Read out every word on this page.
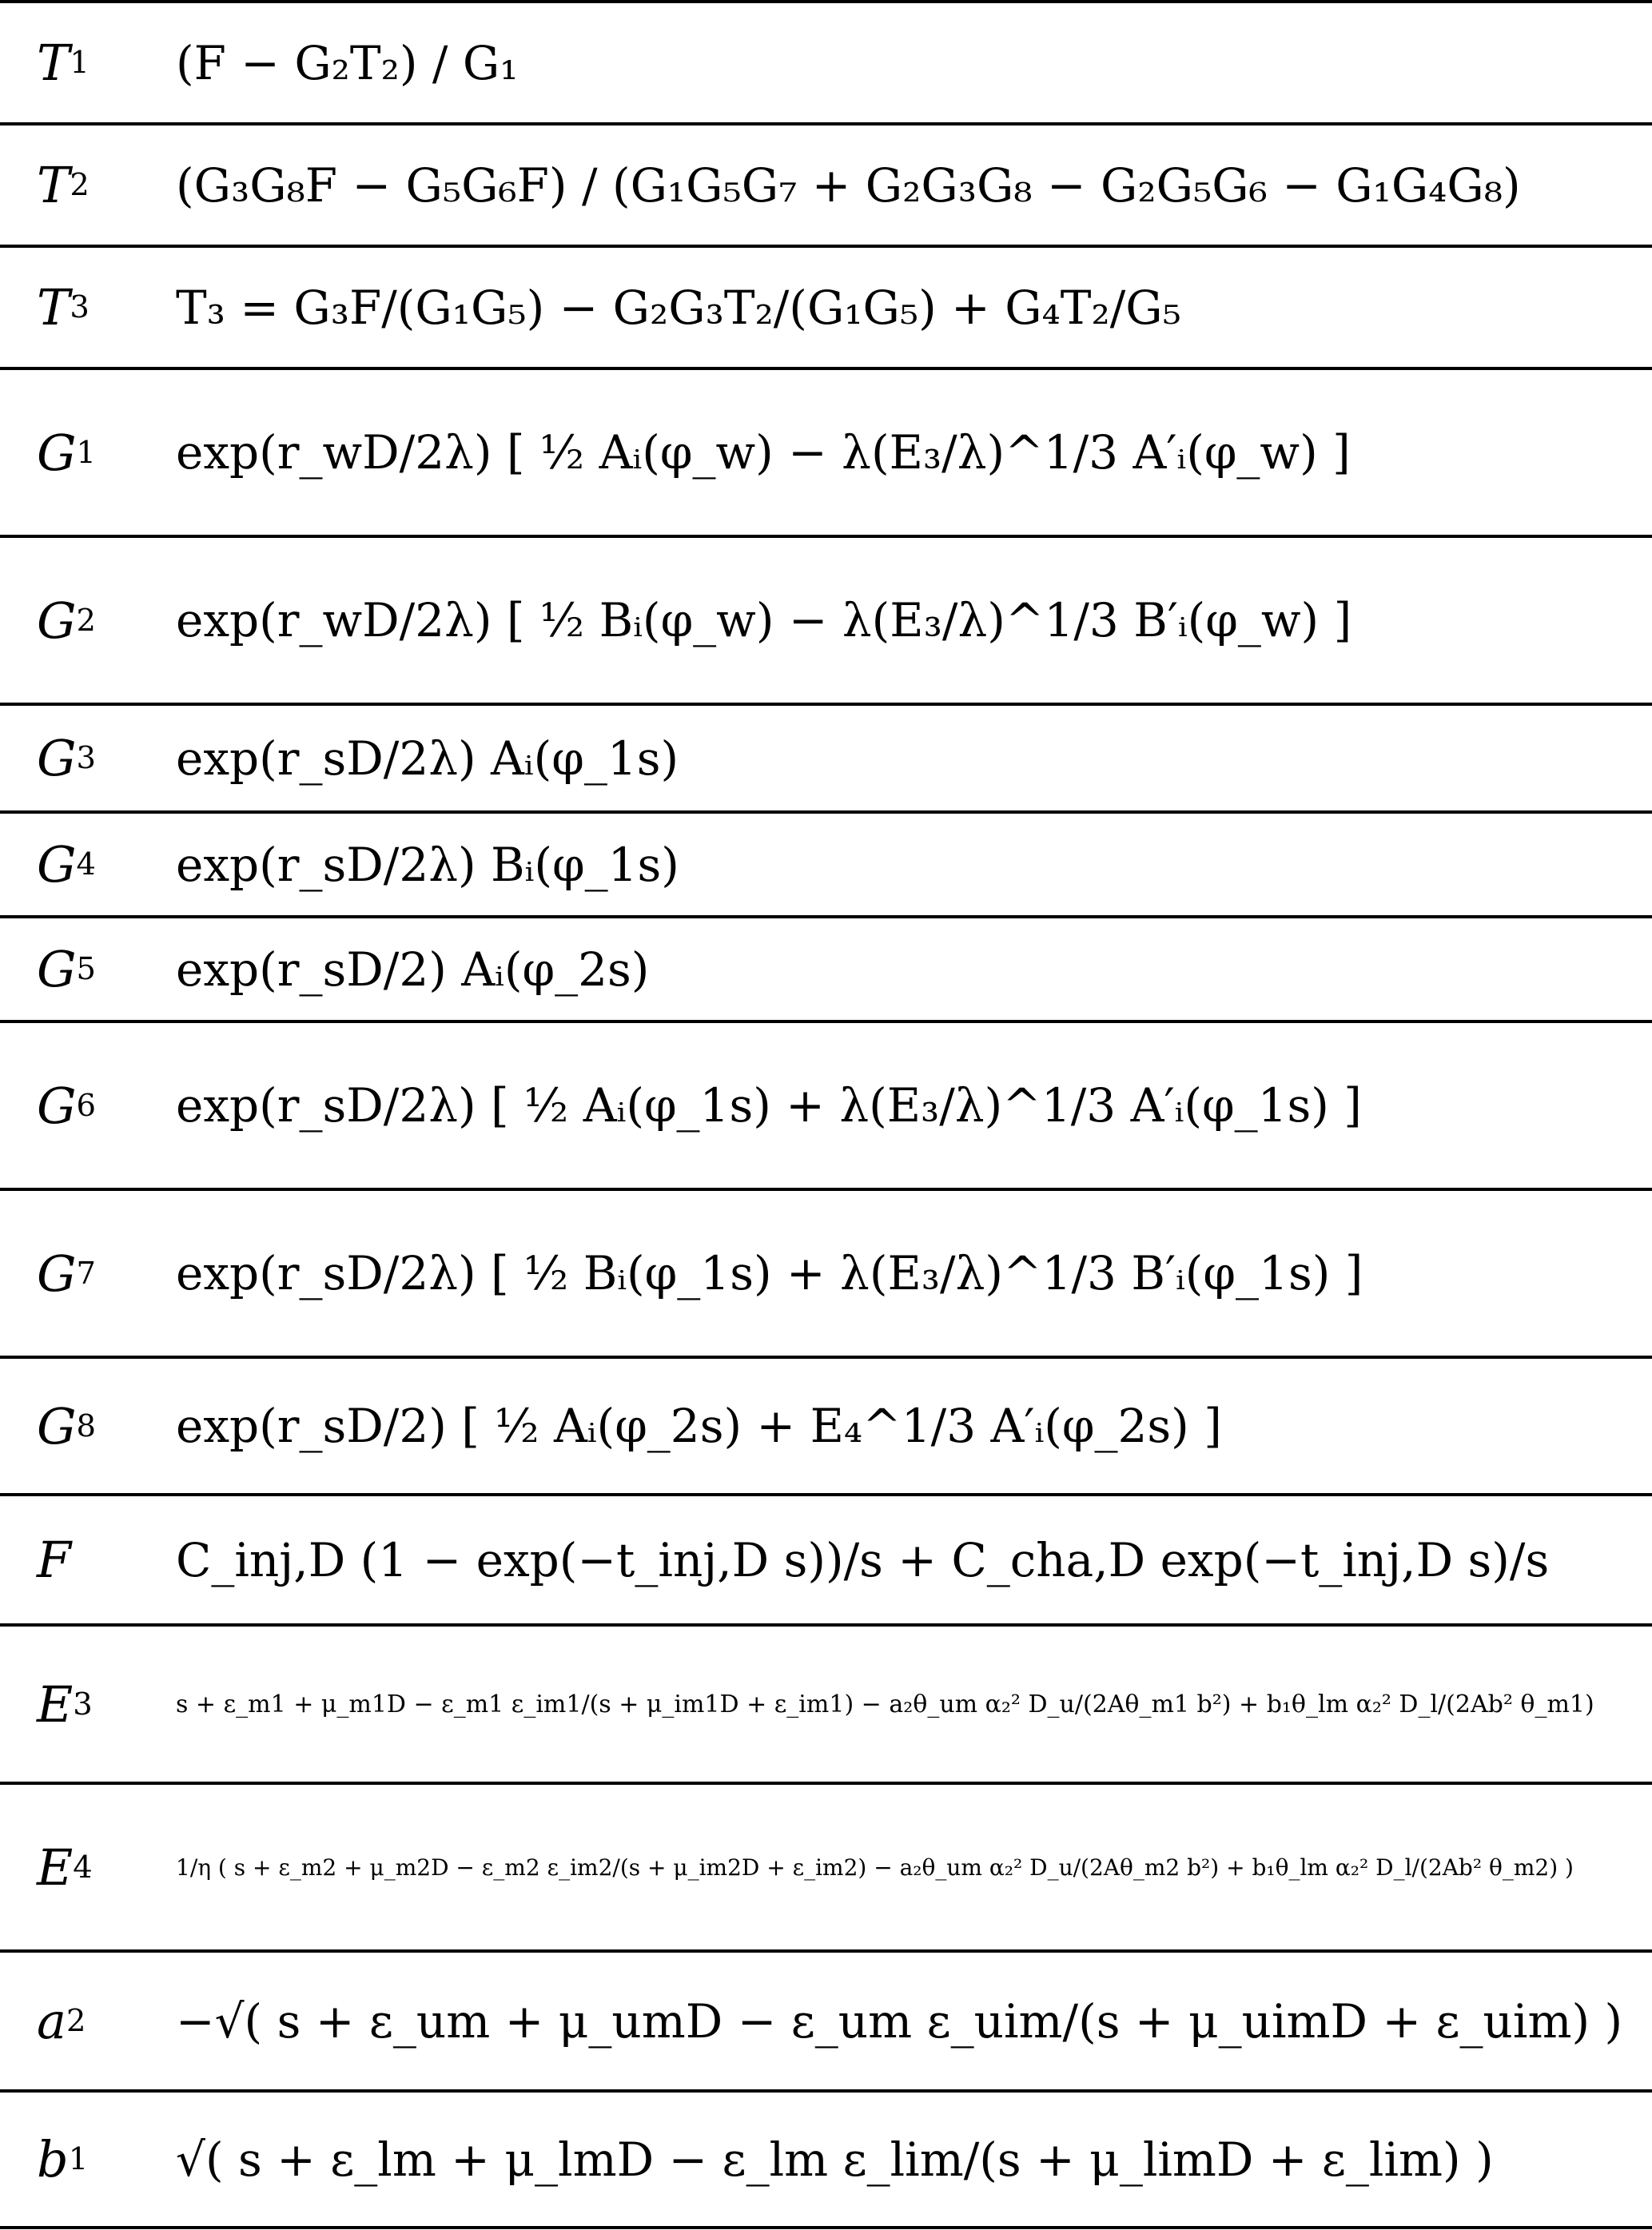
T 1 (F − G₂T₂) / G₁
T 2 (G₃G₈F − G₅G₆F) / (G₁G₅G₇ + G₂G₃G₈ − G₂G₅G₆ − G₁G₄G₈)
T 3 T₃ = G₃F/(G₁G₅) − G₂G₃T₂/(G₁G₅) + G₄T₂/G₅
G 1 exp(r_wD/2λ) [ ½ Aᵢ(φ_w) − λ(E₃/λ)^1/3 A′ᵢ(φ_w) ]
G 2 exp(r_wD/2λ) [ ½ Bᵢ(φ_w) − λ(E₃/λ)^1/3 B′ᵢ(φ_w) ]
G 3 exp(r_sD/2λ) Aᵢ(φ_1s)
G 4 exp(r_sD/2λ) Bᵢ(φ_1s)
G 5 exp(r_sD/2) Aᵢ(φ_2s)
G 6 exp(r_sD/2λ) [ ½ Aᵢ(φ_1s) + λ(E₃/λ)^1/3 A′ᵢ(φ_1s) ]
G 7 exp(r_sD/2λ) [ ½ Bᵢ(φ_1s) + λ(E₃/λ)^1/3 B′ᵢ(φ_1s) ]
G 8 exp(r_sD/2) [ ½ Aᵢ(φ_2s) + E₄^1/3 A′ᵢ(φ_2s) ]
F C_inj,D (1 − exp(−t_inj,D s))/s + C_cha,D exp(−t_inj,D s)/s
E 3	s + ε_m1 + μ_m1D − ε_m1 ε_im1/(s + μ_im1D + ε_im1) − a₂θ_um α₂² D_u/(2Aθ_m1 b²) + b₁θ_lm α₂² D_l/(2Ab² θ_m1)
E 4	1/η ( s + ε_m2 + μ_m2D − ε_m2 ε_im2/(s + μ_im2D + ε_im2) − a₂θ_um α₂² D_u/(2Aθ_m2 b²) + b₁θ_lm α₂² D_l/(2Ab² θ_m2) )
a 2 −√( s + ε_um + μ_umD − ε_um ε_uim/(s + μ_uimD + ε_uim) )
b 1 √( s + ε_lm + μ_lmD − ε_lm ε_lim/(s + μ_limD + ε_lim) )
